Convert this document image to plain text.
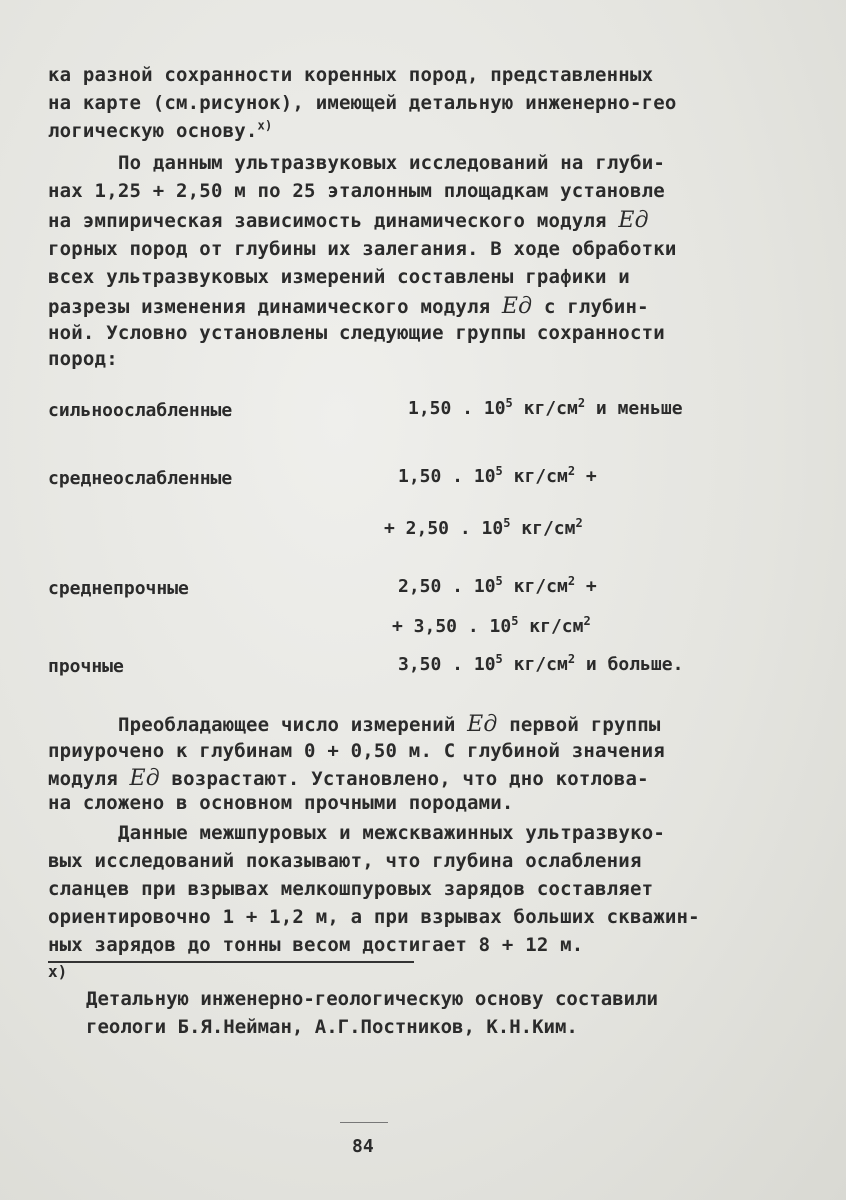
ка разной сохранности коренных пород, представленных
на карте (см.рисунок), имеющей детальную инженерно-гео
логическую основу.$^{x)}$
По данным ультразвуковых исследований на глуби-
нах 1,25 + 2,50 м по 25 эталонным площадкам установле
на эмпирическая зависимость динамического модуля Eд
горных пород от глубины их залегания. В ходе обработки
всех ультразвуковых измерений составлены графики и
разрезы изменения динамического модуля Eд с глубин-
ной. Условно установлены следующие группы сохранности
пород:
сильноослабленные	1,50 . $10^5$ $кг/см^2$ и меньше
среднеослабленные	1,50 . $10^5$ $кг/см^2$ +
+ 2,50 . $10^5$ $кг/см^2$
среднепрочные	2,50 . $10^5$ $кг/см^2$ +
+ 3,50 . $10^5$ $кг/см^2$
прочные	3,50 . $10^5$ $кг/см^2$ и больше.
Преобладающее число измерений Eд первой группы
приурочено к глубинам 0 + 0,50 м. С глубиной значения
модуля Eд возрастают. Установлено, что дно котлова-
на сложено в основном прочными породами.
Данные межшпуровых и межскважинных ультразвуко-
вых исследований показывают, что глубина ослабления
сланцев при взрывах мелкошпуровых зарядов составляет
ориентировочно 1 + 1,2 м, а при взрывах больших скважин-
ных зарядов до тонны весом достигает 8 + 12 м.
x)
Детальную инженерно-геологическую основу составили
геологи Б.Я.Нейман, А.Г.Постников, К.Н.Ким.
84
